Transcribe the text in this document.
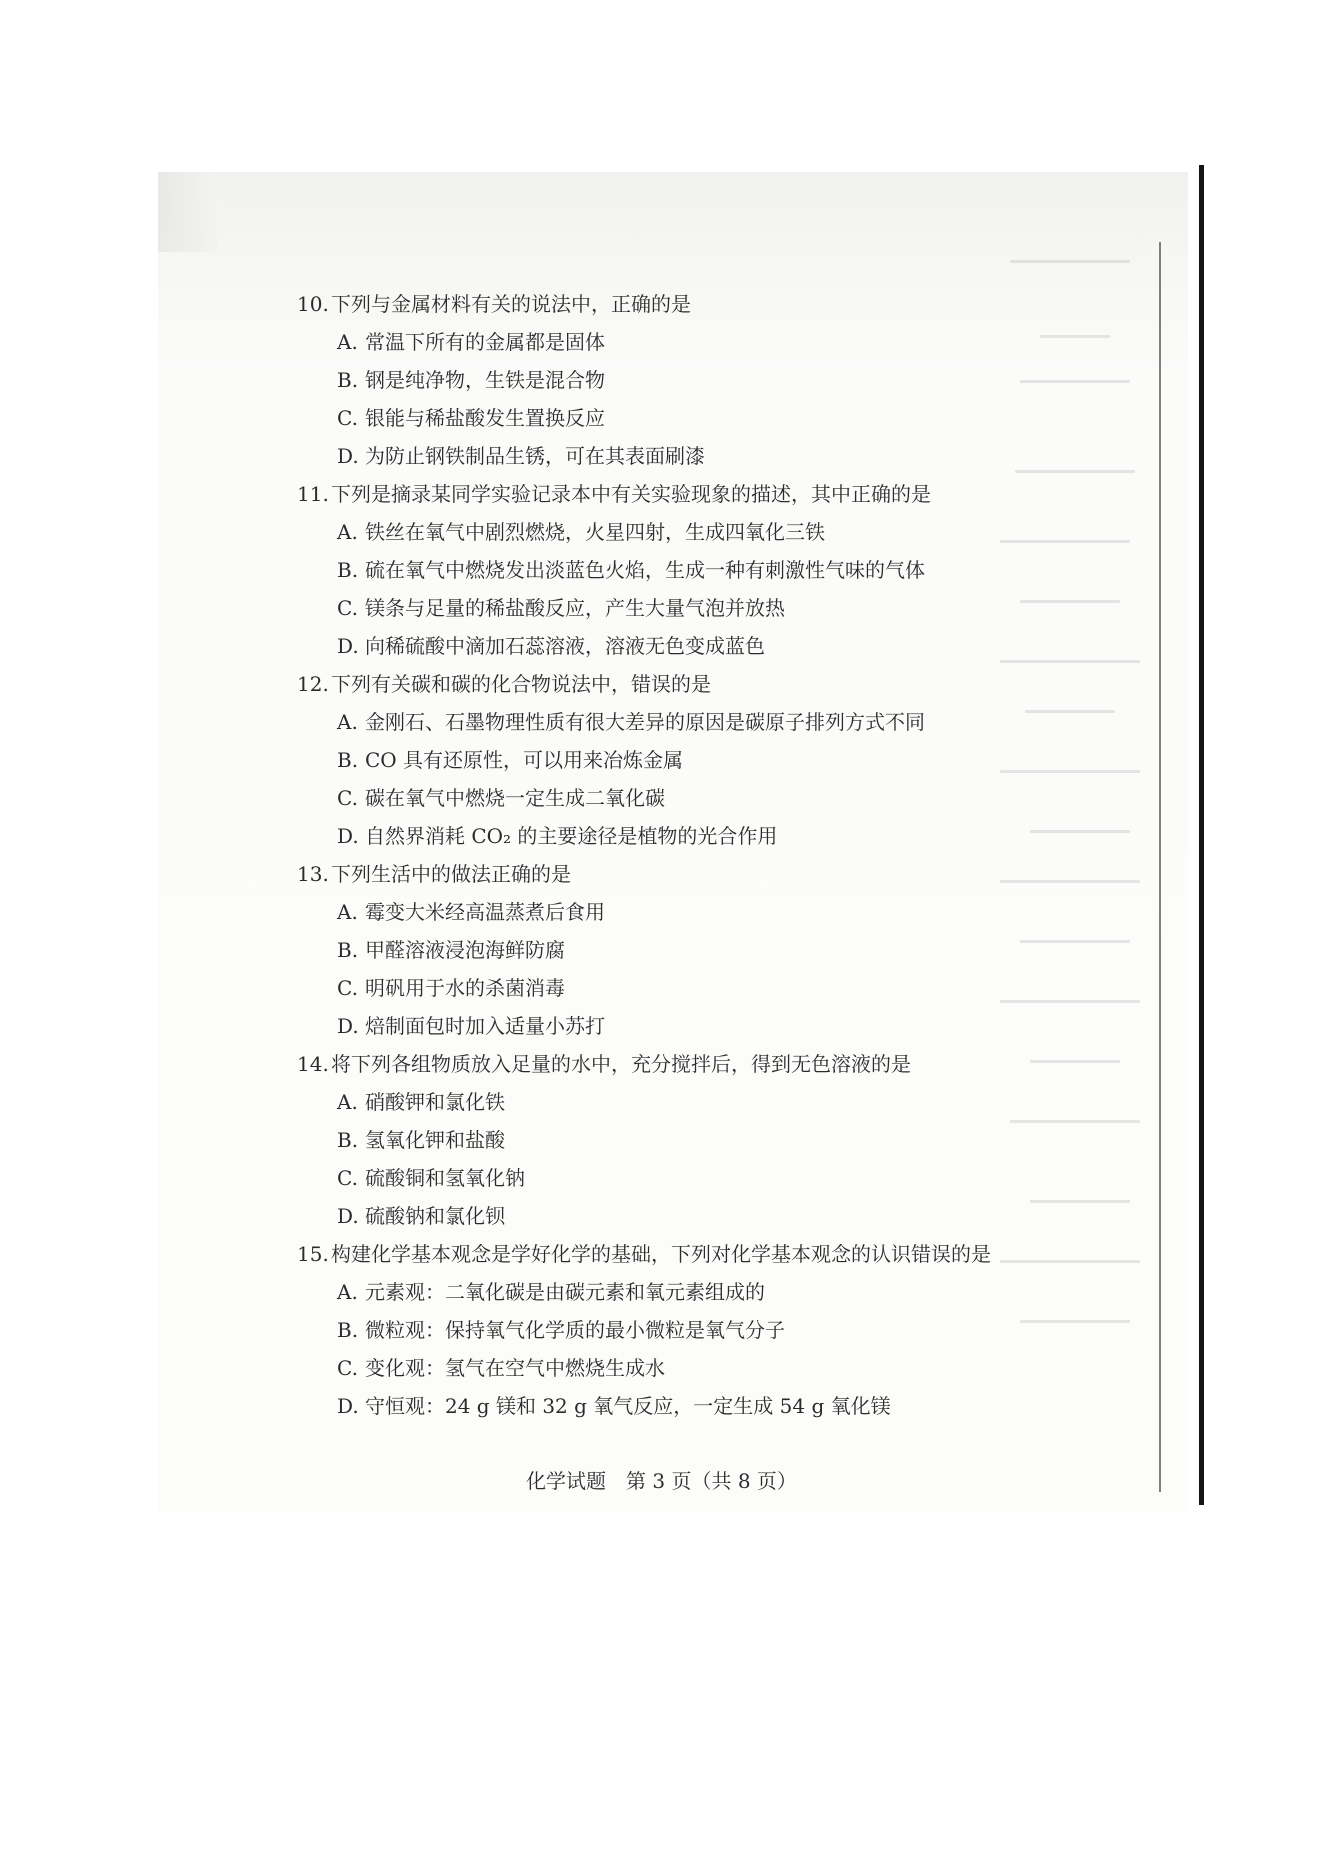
10. 下列与金属材料有关的说法中，正确的是
A. 常温下所有的金属都是固体
B. 钢是纯净物，生铁是混合物
C. 银能与稀盐酸发生置换反应
D. 为防止钢铁制品生锈，可在其表面刷漆
11. 下列是摘录某同学实验记录本中有关实验现象的描述，其中正确的是
A. 铁丝在氧气中剧烈燃烧，火星四射，生成四氧化三铁
B. 硫在氧气中燃烧发出淡蓝色火焰，生成一种有刺激性气味的气体
C. 镁条与足量的稀盐酸反应，产生大量气泡并放热
D. 向稀硫酸中滴加石蕊溶液，溶液无色变成蓝色
12. 下列有关碳和碳的化合物说法中，错误的是
A. 金刚石、石墨物理性质有很大差异的原因是碳原子排列方式不同
B. CO 具有还原性，可以用来冶炼金属
C. 碳在氧气中燃烧一定生成二氧化碳
D. 自然界消耗 CO₂ 的主要途径是植物的光合作用
13. 下列生活中的做法正确的是
A. 霉变大米经高温蒸煮后食用
B. 甲醛溶液浸泡海鲜防腐
C. 明矾用于水的杀菌消毒
D. 焙制面包时加入适量小苏打
14. 将下列各组物质放入足量的水中，充分搅拌后，得到无色溶液的是
A. 硝酸钾和氯化铁
B. 氢氧化钾和盐酸
C. 硫酸铜和氢氧化钠
D. 硫酸钠和氯化钡
15. 构建化学基本观念是学好化学的基础，下列对化学基本观念的认识错误的是
A. 元素观：二氧化碳是由碳元素和氧元素组成的
B. 微粒观：保持氧气化学质的最小微粒是氧气分子
C. 变化观：氢气在空气中燃烧生成水
D. 守恒观：24 g 镁和 32 g 氧气反应，一定生成 54 g 氧化镁
化学试题　第 3 页（共 8 页）
